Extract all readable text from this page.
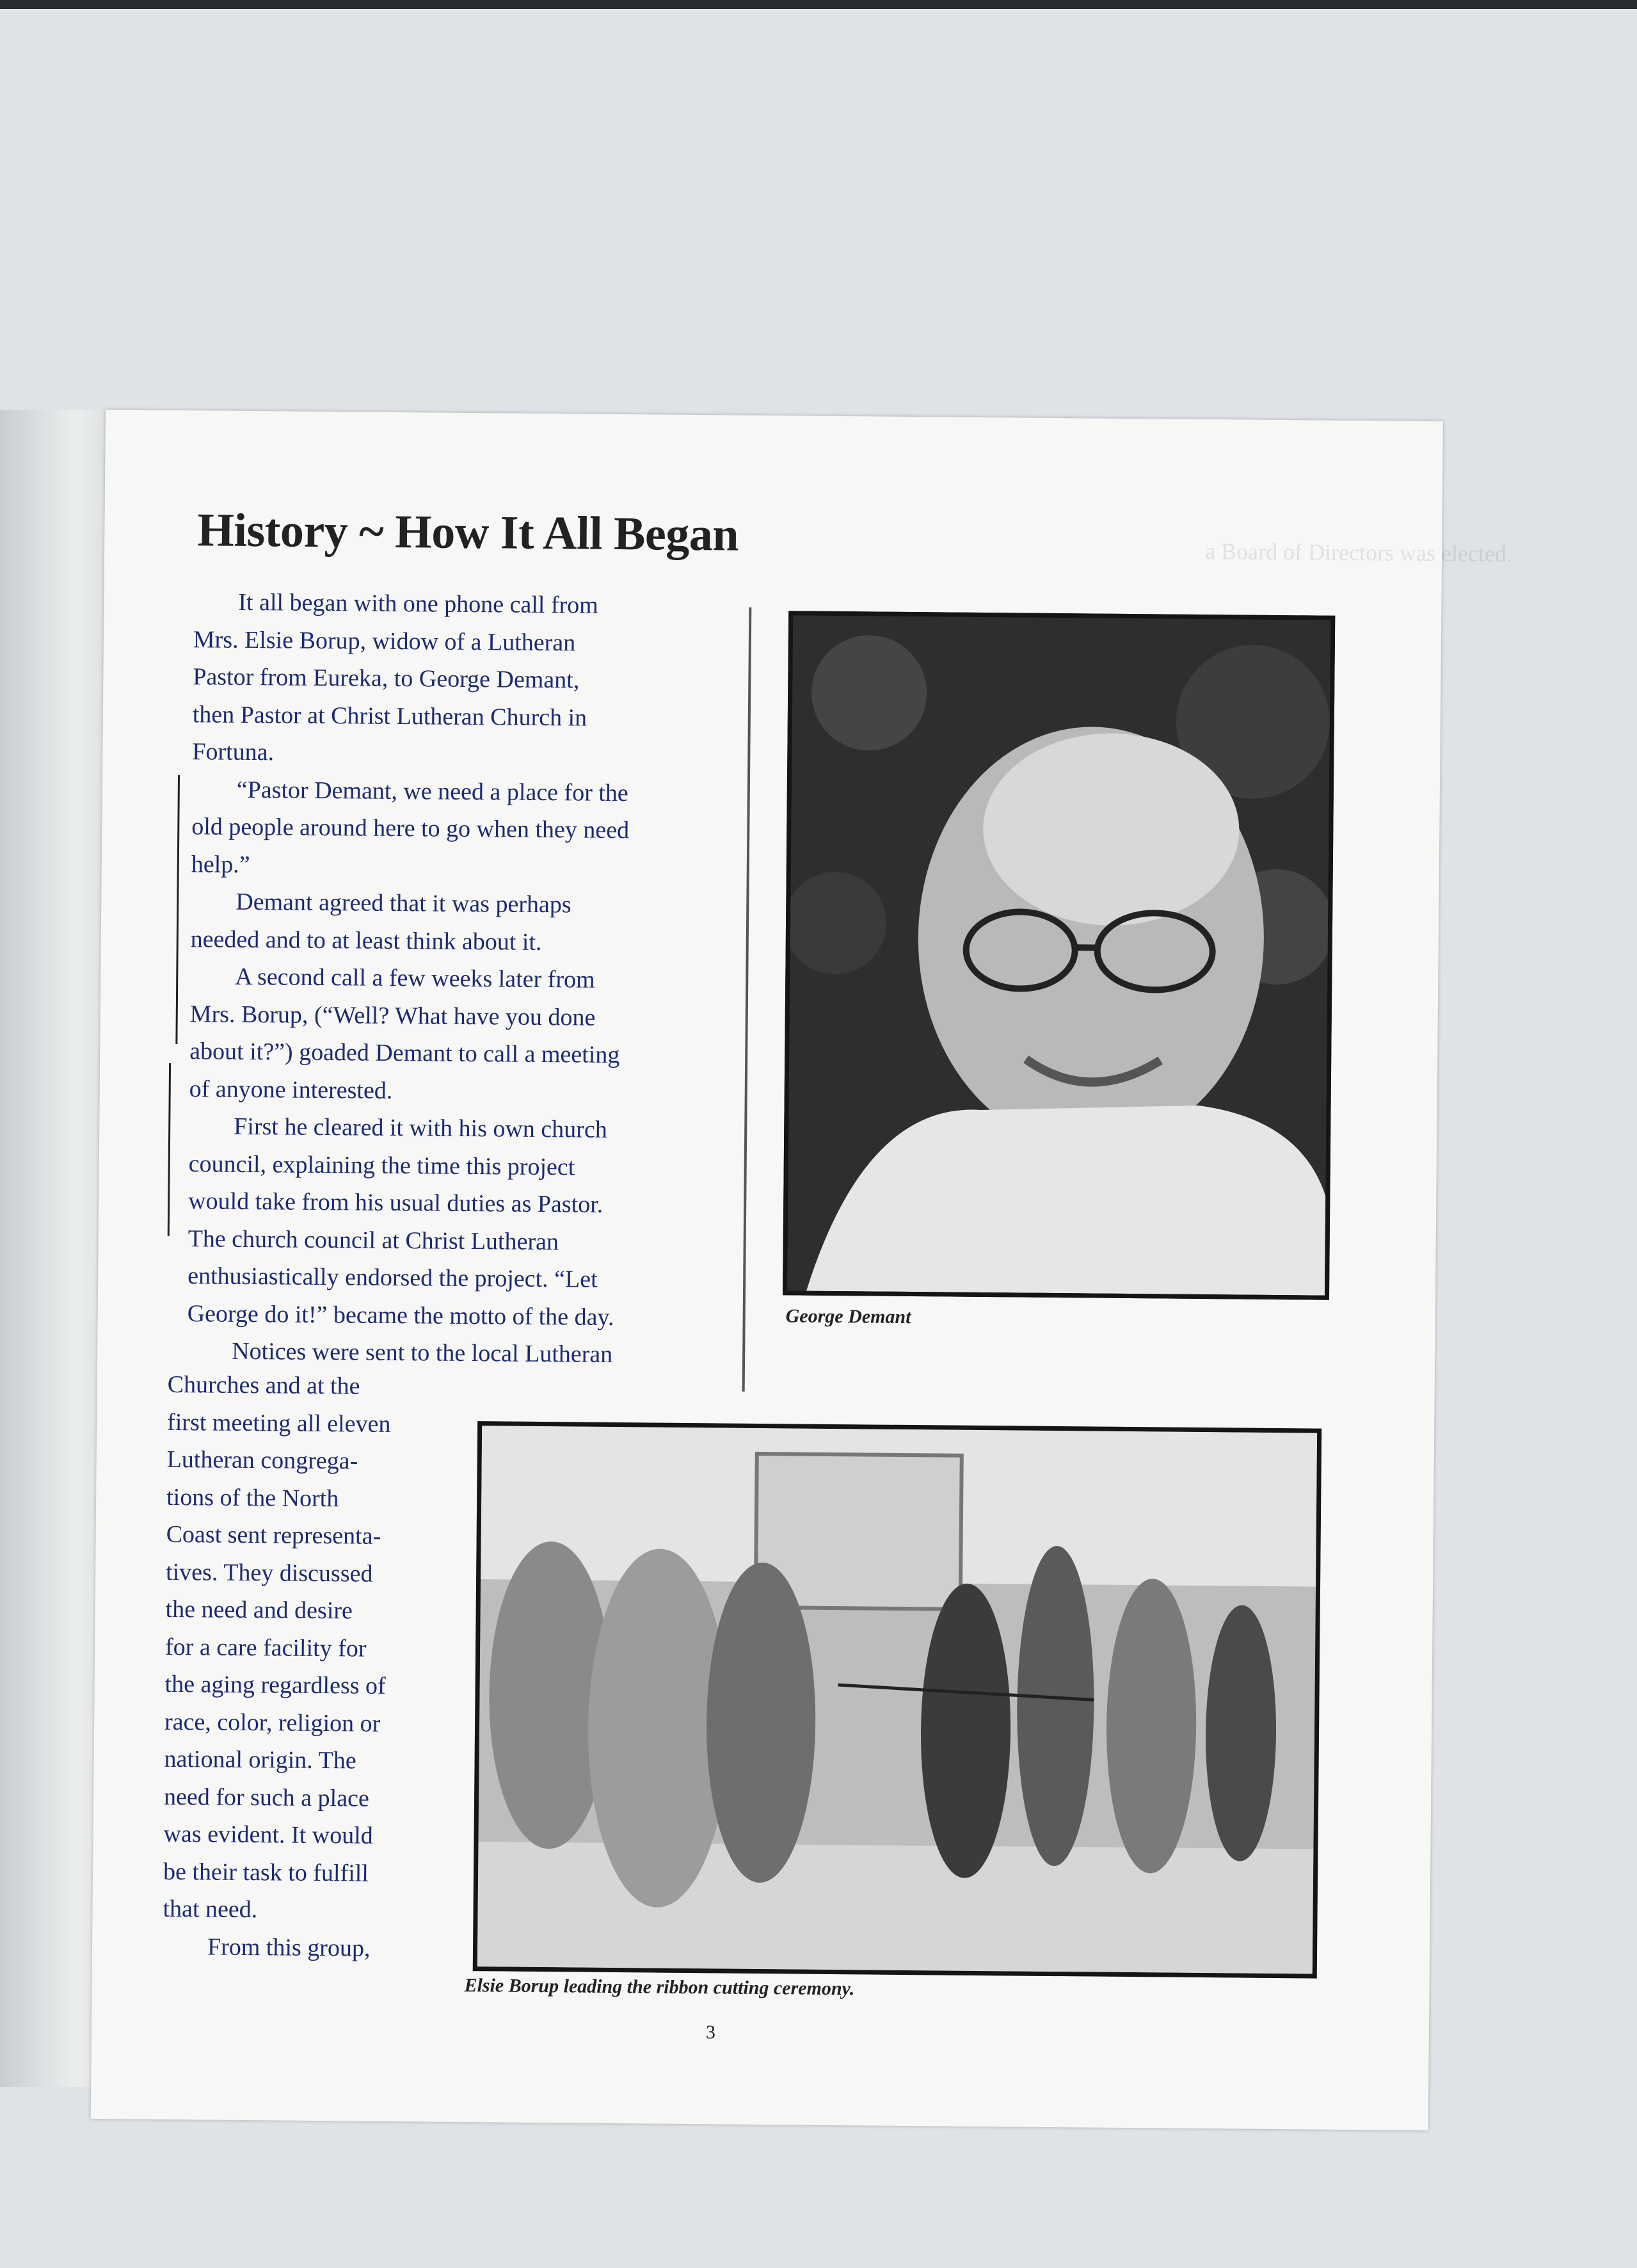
a Board of Directors was elected.
History ~ How It All Began
It all began with one phone call from
Mrs. Elsie Borup, widow of a Lutheran
Pastor from Eureka, to George Demant,
then Pastor at Christ Lutheran Church in
Fortuna.
“Pastor Demant, we need a place for the
old people around here to go when they need
help.”
Demant agreed that it was perhaps
needed and to at least think about it.
A second call a few weeks later from
Mrs. Borup, (“Well? What have you done
about it?”) goaded Demant to call a meeting
of anyone interested.
First he cleared it with his own church
council, explaining the time this project
would take from his usual duties as Pastor.
The church council at Christ Lutheran
enthusiastically endorsed the project. “Let
George do it!” became the motto of the day.
Notices were sent to the local Lutheran
George Demant
Churches and at the
first meeting all eleven
Lutheran congrega-
tions of the North
Coast sent representa-
tives. They discussed
the need and desire
for a care facility for
the aging regardless of
race, color, religion or
national origin. The
need for such a place
was evident. It would
be their task to fulfill
that need.
From this group,
Elsie Borup leading the ribbon cutting ceremony.
3
